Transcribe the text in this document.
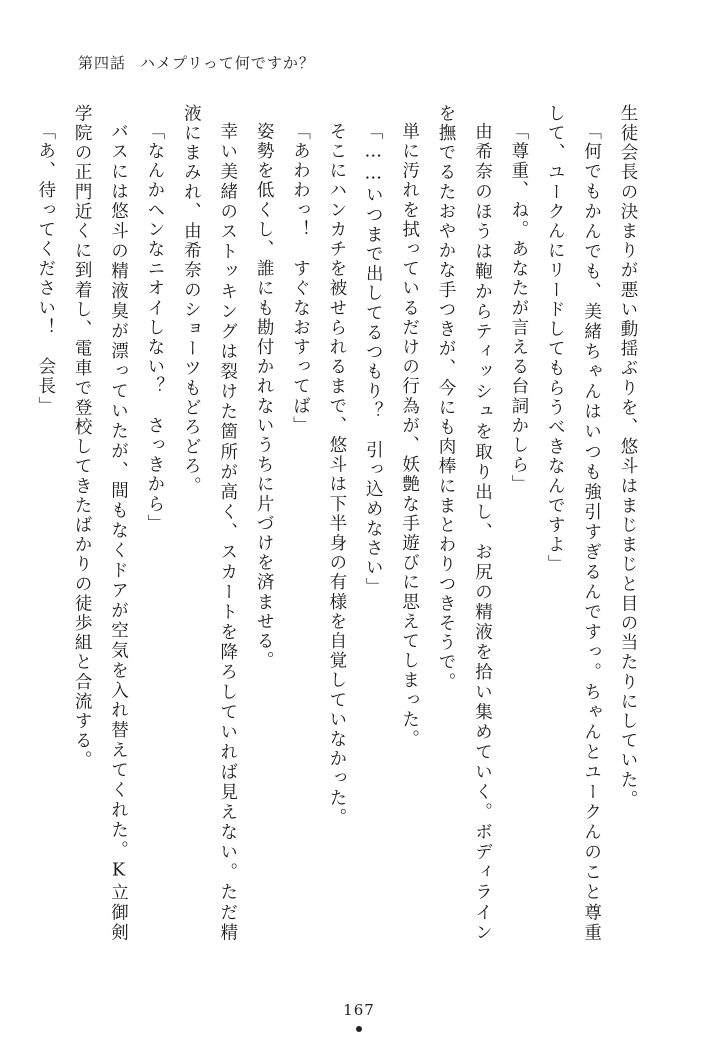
第四話 ハメプリって何ですか？

生徒会長の決まりが悪い動揺ぶりを、悠斗はまじまじと目の当たりにしていた。

「何でもかんでも、美緒ちゃんはいつも強引すぎるんですっ。ちゃんとユークんのこと尊重して、ユークんにリードしてもらうべきなんですよ」

「尊重、ね。あなたが言える台詞かしら」

由希奈のほうは鞄からティッシュを取り出し、お尻の精液を拾い集めていく。ボディラインを撫でるたおやかな手つきが、今にも肉棒にまとわりつきそうで。

単に汚れを拭っているだけの行為が、妖艶な手遊びに思えてしまった。

「……いつまで出してるつもり？　引っ込めなさい」

そこにハンカチを被せられるまで、悠斗は下半身の有様を自覚していなかった。

「あわわっ！　すぐなおすってば」

姿勢を低くし、誰にも勘付かれないうちに片づけを済ませる。

幸い美緒のストッキングは裂けた箇所が高く、スカートを降ろしていれば見えない。ただ精液にまみれ、由希奈のショーツもどろどろ。

「なんかヘンなニオイしない？　さっきから」

バスには悠斗の精液臭が漂っていたが、間もなくドアが空気を入れ替えてくれた。K立御剣学院の正門近くに到着し、電車で登校してきたばかりの徒歩組と合流する。

「あ、待ってください！　会長」

167
